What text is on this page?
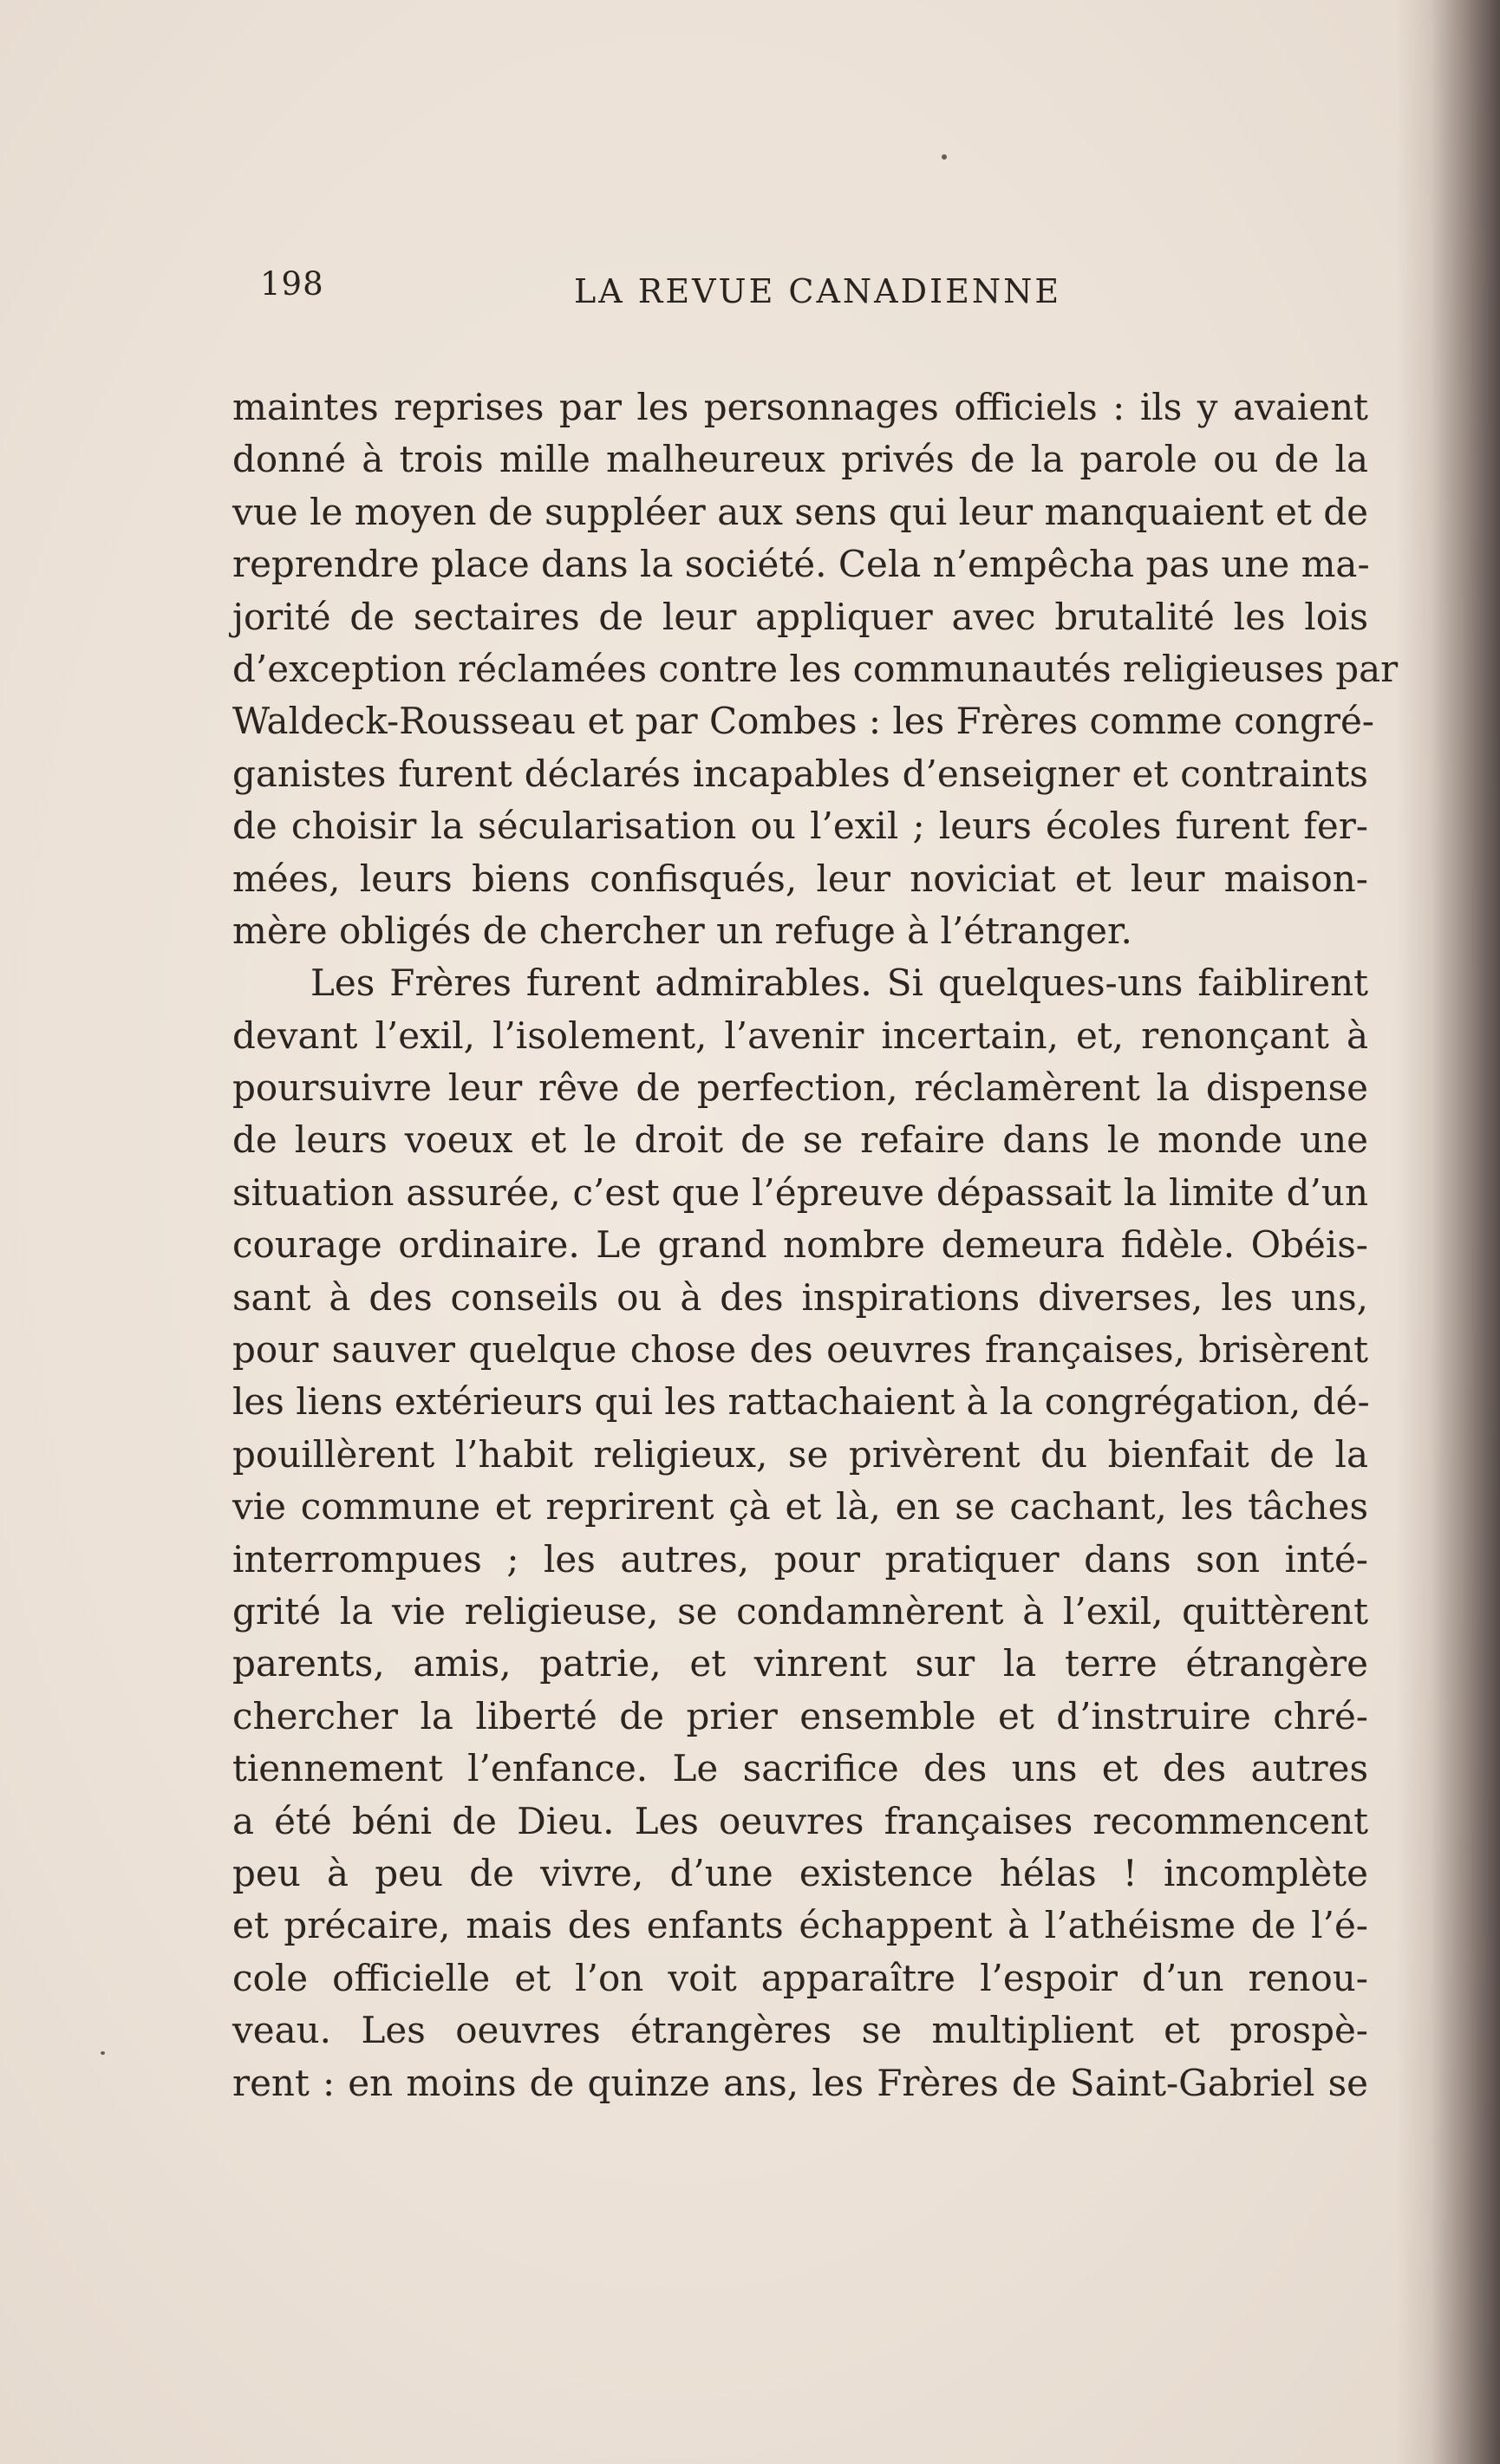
198	LA REVUE CANADIENNE
maintes reprises par les personnages officiels : ils y avaient
donné à trois mille malheureux privés de la parole ou de la
vue le moyen de suppléer aux sens qui leur manquaient et de
reprendre place dans la société. Cela n’empêcha pas une ma-
jorité de sectaires de leur appliquer avec brutalité les lois
d’exception réclamées contre les communautés religieuses par
Waldeck-Rousseau et par Combes : les Frères comme congré-
ganistes furent déclarés incapables d’enseigner et contraints
de choisir la sécularisation ou l’exil ; leurs écoles furent fer-
mées, leurs biens confisqués, leur noviciat et leur maison-
mère obligés de chercher un refuge à l’étranger.
Les Frères furent admirables. Si quelques-uns faiblirent
devant l’exil, l’isolement, l’avenir incertain, et, renonçant à
poursuivre leur rêve de perfection, réclamèrent la dispense
de leurs voeux et le droit de se refaire dans le monde une
situation assurée, c’est que l’épreuve dépassait la limite d’un
courage ordinaire. Le grand nombre demeura fidèle. Obéis-
sant à des conseils ou à des inspirations diverses, les uns,
pour sauver quelque chose des oeuvres françaises, brisèrent
les liens extérieurs qui les rattachaient à la congrégation, dé-
pouillèrent l’habit religieux, se privèrent du bienfait de la
vie commune et reprirent çà et là, en se cachant, les tâches
interrompues ; les autres, pour pratiquer dans son inté-
grité la vie religieuse, se condamnèrent à l’exil, quittèrent
parents, amis, patrie, et vinrent sur la terre étrangère
chercher la liberté de prier ensemble et d’instruire chré-
tiennement l’enfance. Le sacrifice des uns et des autres
a été béni de Dieu. Les oeuvres françaises recommencent
peu à peu de vivre, d’une existence hélas ! incomplète
et précaire, mais des enfants échappent à l’athéisme de l’é-
cole officielle et l’on voit apparaître l’espoir d’un renou-
veau. Les oeuvres étrangères se multiplient et prospè-
rent : en moins de quinze ans, les Frères de Saint-Gabriel se
